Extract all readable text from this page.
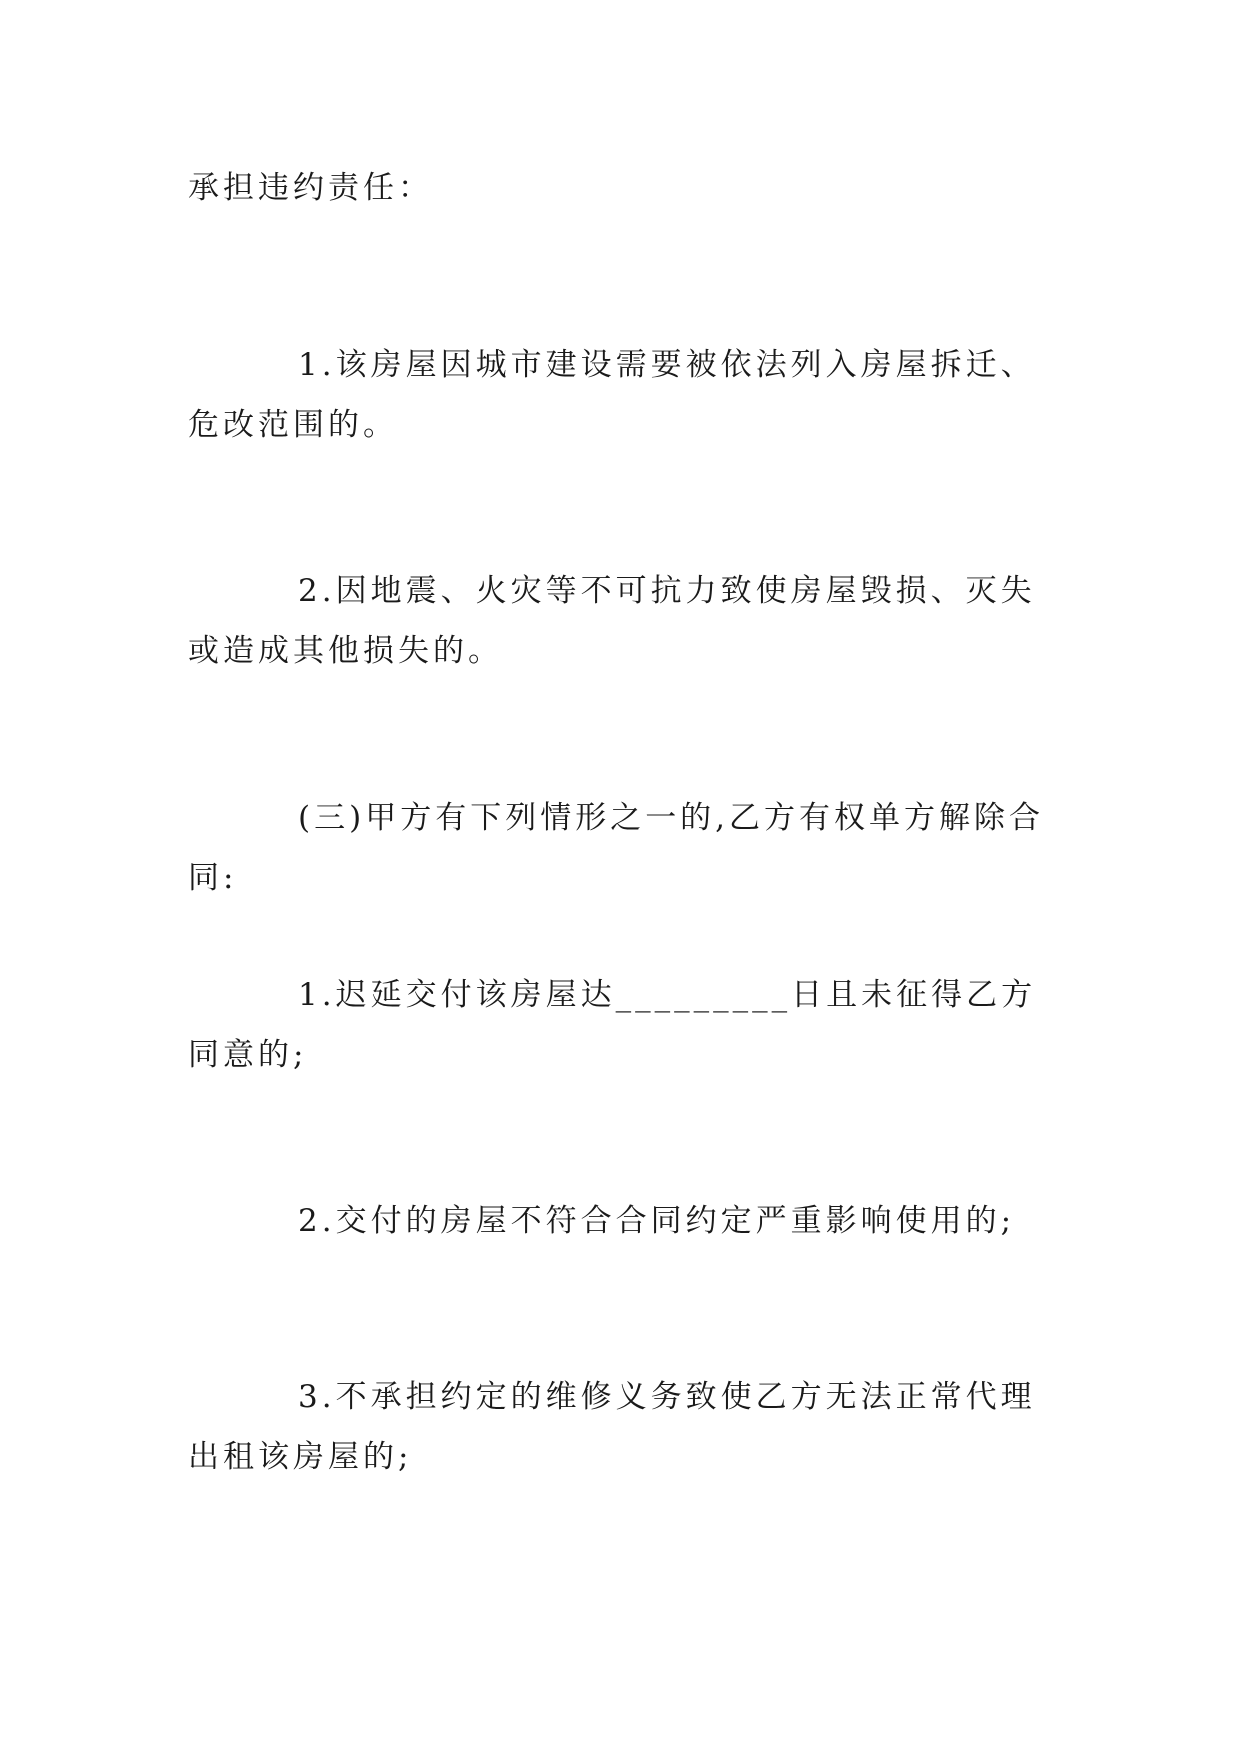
承担违约责任：

1.该房屋因城市建设需要被依法列入房屋拆迁、危改范围的。

2.因地震、火灾等不可抗力致使房屋毁损、灭失或造成其他损失的。

(三)甲方有下列情形之一的,乙方有权单方解除合同:

1.迟延交付该房屋达_________日且未征得乙方同意的;

2.交付的房屋不符合合同约定严重影响使用的;

3.不承担约定的维修义务致使乙方无法正常代理出租该房屋的;
